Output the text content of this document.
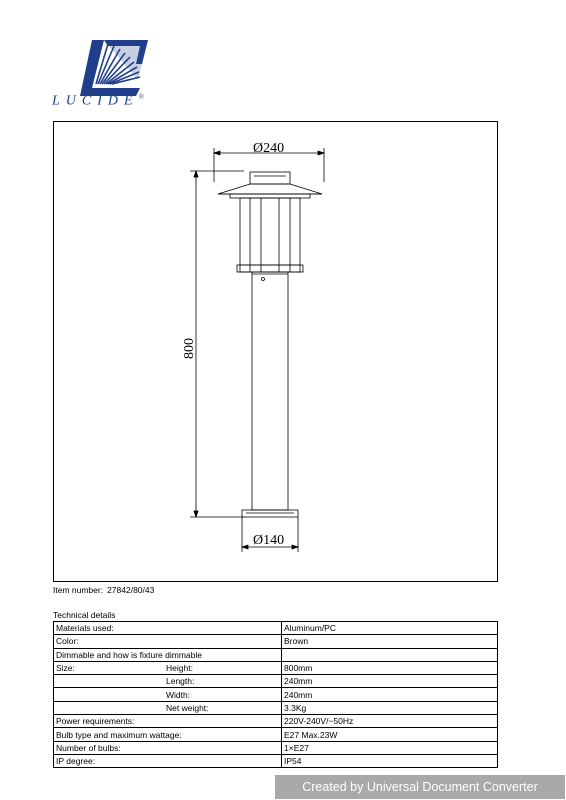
LUCIDE®
Ø240
800
Ø140
Item number: 27842/80/43
Technical details
Materials used:	Aluminum/PC
Color:	Brown
Dimmable and how is fixture dimmable	

Size: Height:	800mm

Length:	240mm

Width:	240mm

Net weight:	3.3Kg
Power requirements:	220V-240V/~50Hz
Bulb type and maximum wattage:	E27 Max.23W
Number of bulbs:	1×E27
IP degree:	IP54
Created by Universal Document Converter
